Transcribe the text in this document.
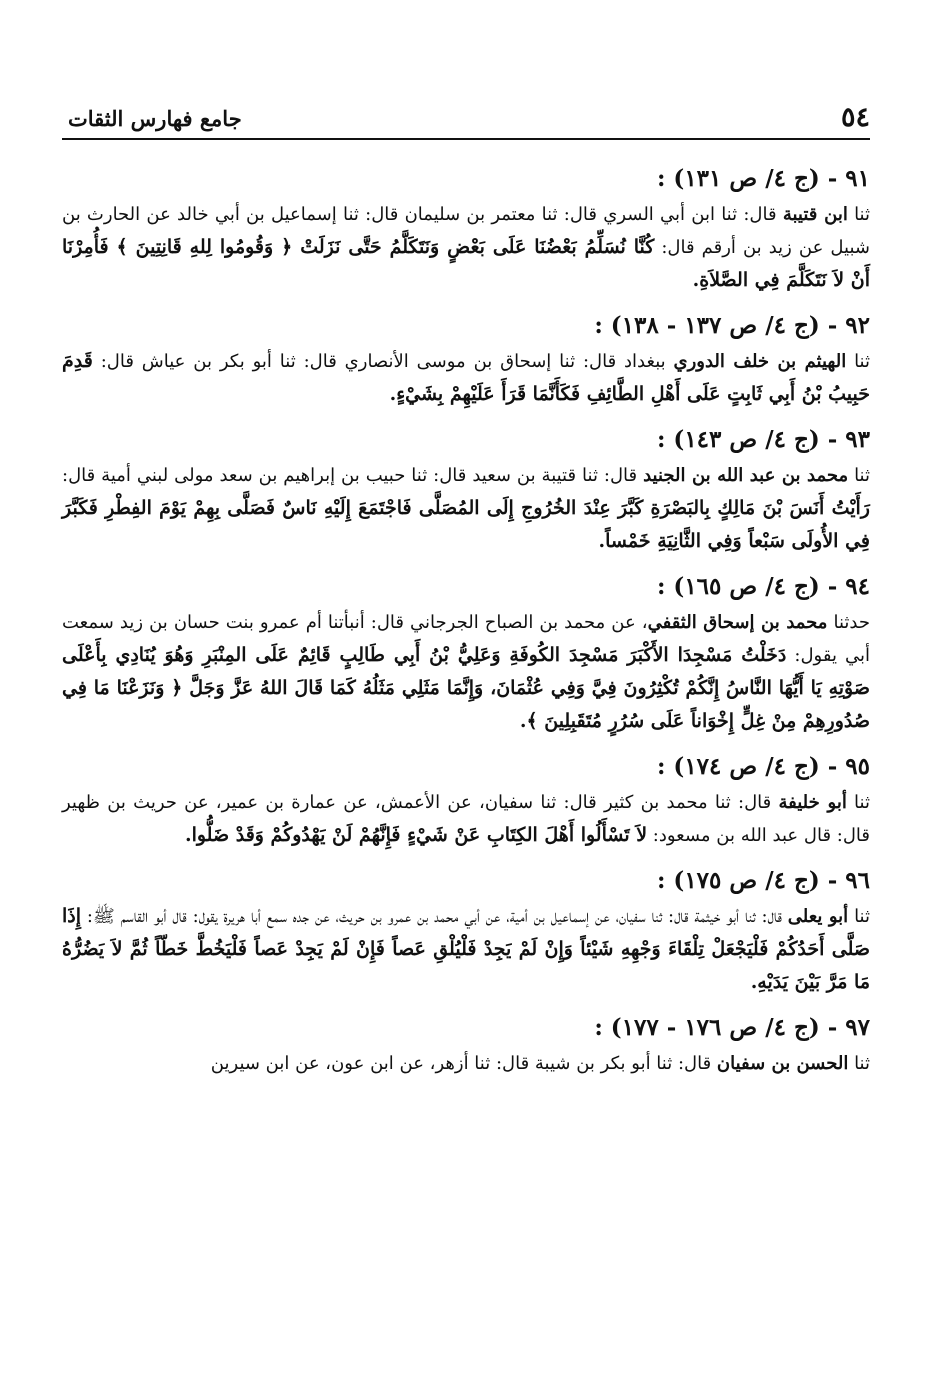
٥٤
جامع فهارس الثقات
٩١ - (ج ٤/ ص ١٣١) :

ثنا ابن قتيبة قال: ثنا ابن أبي السري قال: ثنا معتمر بن سليمان قال: ثنا إسماعيل بن أبي خالد عن الحارث بن شبيل عن زيد بن أرقم قال: كُنَّا نُسَلِّمُ بَعْضُنَا عَلَى بَعْضٍ وَنَتَكَلَّمُ حَتَّى نَزَلَتْ ﴿ وَقُومُوا لِلهِ قَانِتِينَ ﴾ فَأُمِرْنَا أَنْ لاَ نَتَكَلَّمَ فِي الصَّلاَةِ.

٩٢ - (ج ٤/ ص ١٣٧ - ١٣٨) :

ثنا الهيثم بن خلف الدوري ببغداد قال: ثنا إسحاق بن موسى الأنصاري قال: ثنا أبو بكر بن عياش قال: قَدِمَ حَبِيبُ بْنُ أَبِي ثَابِتٍ عَلَى أَهْلِ الطَّائِفِ فَكَأَنَّمَا قَرَأَ عَلَيْهِمْ بِشَيْءٍ.

٩٣ - (ج ٤/ ص ١٤٣) :

ثنا محمد بن عبد الله بن الجنيد قال: ثنا قتيبة بن سعيد قال: ثنا حبيب بن إبراهيم بن سعد مولى لبني أمية قال: رَأَيْتُ أَنَسَ بْنَ مَالِكٍ بِالبَصْرَةِ كَبَّرَ عِنْدَ الخُرُوجِ إِلَى المُصَلَّى فَاجْتَمَعَ إِلَيْهِ نَاسٌ فَصَلَّى بِهِمْ يَوْمَ الفِطْرِ فَكَبَّرَ فِي الأُولَى سَبْعاً وَفِي الثَّانِيَةِ خَمْساً.

٩٤ - (ج ٤/ ص ١٦٥) :

حدثنا محمد بن إسحاق الثقفي، عن محمد بن الصباح الجرجاني قال: أنبأتنا أم عمرو بنت حسان بن زيد سمعت أبي يقول: دَخَلْتُ مَسْجِدَا الأَكْبَرَ مَسْجِدَ الكُوفَةِ وَعَلِيُّ بْنُ أَبِي طَالِبٍ قَائِمٌ عَلَى المِنْبَرِ وَهُوَ يُنَادِي بِأَعْلَى صَوْتِهِ يَا أَيُّهَا النَّاسُ إِنَّكُمْ تُكْثِرُونَ فِيَّ وَفِي عُثْمَانَ، وَإِنَّمَا مَثَلِي مَثَلُهُ كَمَا قَالَ اللهُ عَزَّ وَجَلَّ ﴿ وَنَزَعْنَا مَا فِي صُدُورِهِمْ مِنْ غِلٍّ إِخْوَاناً عَلَى سُرُرٍ مُتَقَبِلِينَ ﴾.

٩٥ - (ج ٤/ ص ١٧٤) :

ثنا أبو خليفة قال: ثنا محمد بن كثير قال: ثنا سفيان، عن الأعمش، عن عمارة بن عمير، عن حريث بن ظهير قال: قال عبد الله بن مسعود: لاَ تَسْأَلُوا أَهْلَ الكِتَابِ عَنْ شَيْءٍ فَإِنَّهُمْ لَنْ يَهْدُوكُمْ وَقَدْ ضَلُّوا.

٩٦ - (ج ٤/ ص ١٧٥) :

ثنا أبو يعلى قال: ثنا أبو خيثمة قال: ثنا سفيان، عن إسماعيل بن أمية، عن أبي محمد بن عمرو بن حريث، عن جده سمع أبا هريرة يقول: قال أبو القاسم ﷺ: إِذَا صَلَّى أَحَدُكُمْ فَلْيَجْعَلْ تِلْقَاءَ وَجْهِهِ شَيْئاً وَإِنْ لَمْ يَجِدْ فَلْيُلْقِ عَصاً فَإِنْ لَمْ يَجِدْ عَصاً فَلْيَخُطَّ خَطّاً ثُمَّ لاَ يَضُرُّهُ مَا مَرَّ بَيْنَ يَدَيْهِ.

٩٧ - (ج ٤/ ص ١٧٦ - ١٧٧) :

ثنا الحسن بن سفيان قال: ثنا أبو بكر بن شيبة قال: ثنا أزهر، عن ابن عون، عن ابن سيرين
